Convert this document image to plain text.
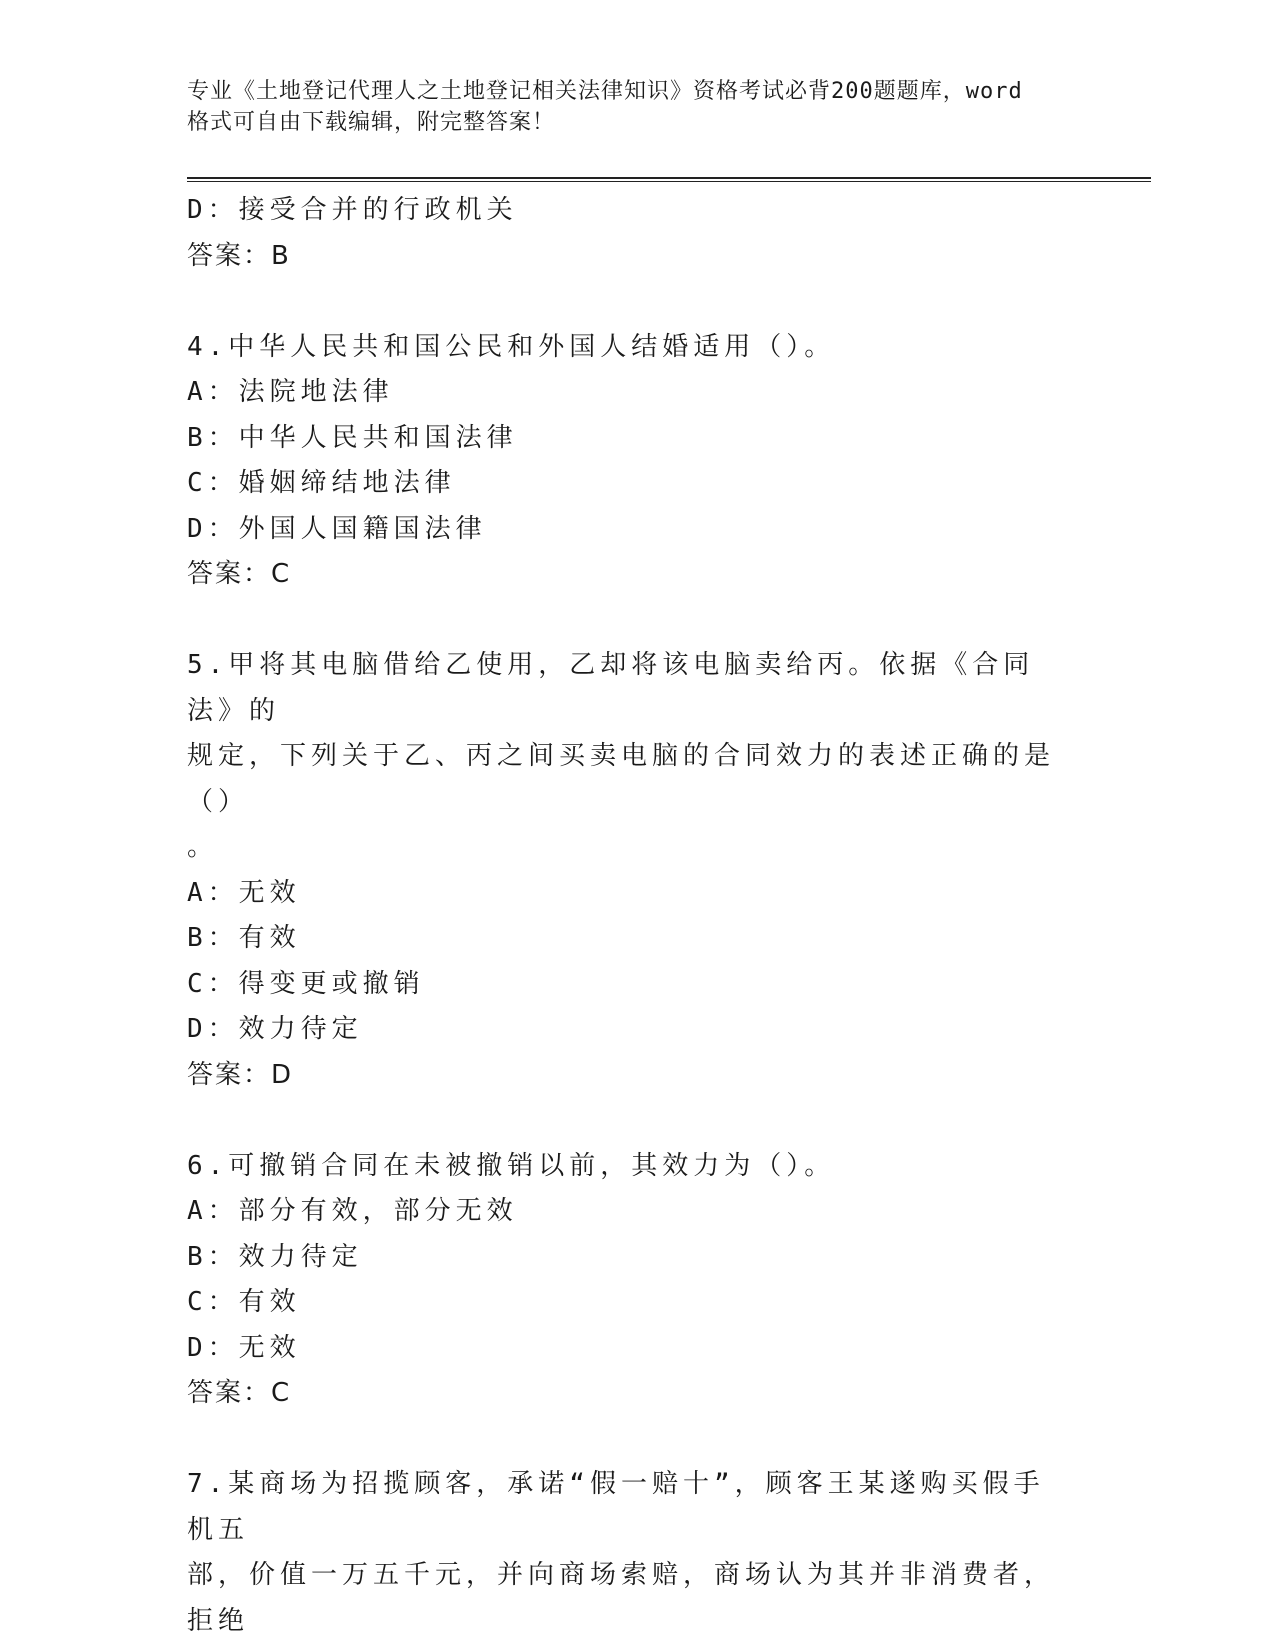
专业《土地登记代理人之土地登记相关法律知识》资格考试必背200题题库，word
格式可自由下载编辑，附完整答案！
D：接受合并的行政机关
答案：B
4.中华人民共和国公民和外国人结婚适用（）。
A：法院地法律
B：中华人民共和国法律
C：婚姻缔结地法律
D：外国人国籍国法律
答案：C
5.甲将其电脑借给乙使用，乙却将该电脑卖给丙。依据《合同法》的
规定，下列关于乙、丙之间买卖电脑的合同效力的表述正确的是（）
。
A：无效
B：有效
C：得变更或撤销
D：效力待定
答案：D
6.可撤销合同在未被撤销以前，其效力为（）。
A：部分有效，部分无效
B：效力待定
C：有效
D：无效
答案：C
7.某商场为招揽顾客，承诺“假一赔十”，顾客王某遂购买假手机五
部，价值一万五千元，并向商场索赔，商场认为其并非消费者，拒绝
